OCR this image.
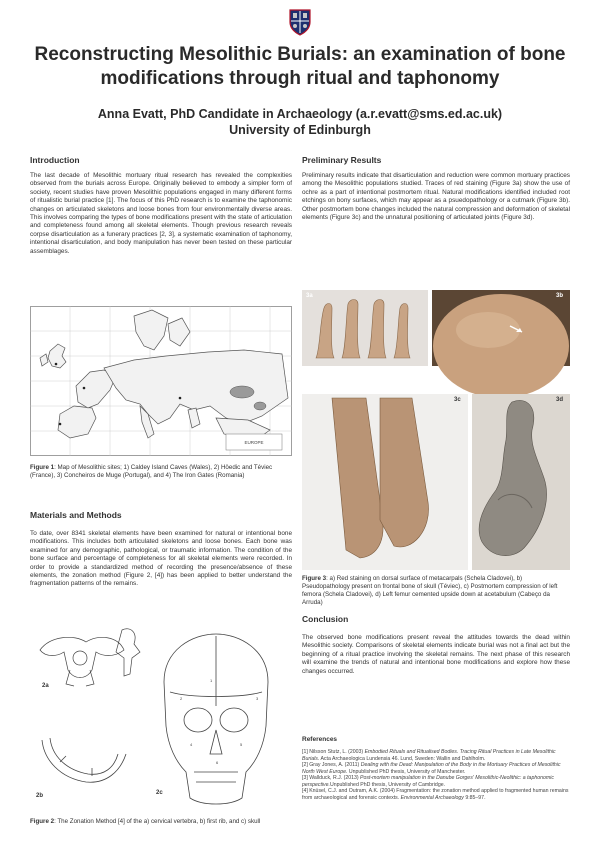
Reconstructing Mesolithic Burials: an examination of bone modifications through ritual and taphonomy
Anna Evatt, PhD Candidate in Archaeology (a.r.evatt@sms.ed.ac.uk)
University of Edinburgh
Introduction

The last decade of Mesolithic mortuary ritual research has revealed the complexities observed from the burials across Europe. Originally believed to embody a simpler form of society, recent studies have proven Mesolithic populations engaged in many different forms of ritualistic burial practice [1]. The focus of this PhD research is to examine the taphonomic changes on articulated skeletons and loose bones from four environmentally diverse areas. This involves comparing the types of bone modifications present with the state of articulation and completeness found among all skeletal elements. Though previous research reveals corpse disarticulation as a funerary practices [2, 3], a systematic examination of taphonomy, intentional disarticulation, and body manipulation has never been tested on these particular assemblages.

EUROPE

Figure 1: Map of Mesolithic sites; 1) Caldey Island Caves (Wales), 2) Höedic and Téviec (France), 3) Concheiros de Muge (Portugal), and 4) The Iron Gates (Romania)

Materials and Methods

To date, over 8341 skeletal elements have been examined for natural or intentional bone modifications. This includes both articulated skeletons and loose bones. Each bone was examined for any demographic, pathological, or traumatic information. The condition of the bone surface and percentage of completeness for all skeletal elements were recorded. In order to provide a standardized method of recording the presence/absence of these elements, the zonation method (Figure 2, [4]) has been applied to better understand the fragmentation patterns of the remains.

1
2	3
4	5
6
2a
2b	2c

Figure 2: The Zonation Method [4] of the a) cervical vertebra, b) first rib, and c) skull

Preliminary Results

Preliminary results indicate that disarticulation and reduction were common mortuary practices among the Mesolithic populations studied. Traces of red staining (Figure 3a) show the use of ochre as a part of intentional postmortem ritual. Natural modifications identified included root etchings on bony surfaces, which may appear as a psuedopathology or a cutmark (Figure 3b). Other postmortem bone changes included the natural compression and deformation of skeletal elements (Figure 3c) and the unnatural positioning of articulated joints (Figure 3d).

3a	3b
3c	3d

Figure 3: a) Red staining on dorsal surface of metacarpals (Schela Cladovei), b) Pseudopathology present on frontal bone of skull (Téviec), c) Postmortem compression of left femora (Schela Cladovei), d) Left femur cemented upside down at acetabulum (Cabeço da Arruda)

Conclusion

The observed bone modifications present reveal the attitudes towards the dead within Mesolithic society. Comparisons of skeletal elements indicate burial was not a final act but the beginning of a ritual practice involving the skeletal remains. The next phase of this research will examine the trends of natural and intentional bone modifications and explore how these changes occurred.

References
[1] Nilsson Stutz, L. (2003) Embodied Rituals and Ritualised Bodies. Tracing Ritual Practices in Late Mesolithic Burials. Acta Archaeologica Lundensia 46. Lund, Sweden: Wallin and Dahlholm.
[2] Gray Jones, A. (2011) Dealing with the Dead: Manipulation of the Body in the Mortuary Practices of Mesolithic North West Europe. Unpublished PhD thesis, University of Manchester.
[3] Wallduck, R.J. (2013) Post-mortem manipulation in the Danube Gorges' Mesolithic-Neolithic: a taphonomic perspective.Unpublished PhD thesis, University of Cambridge.
[4] Knüsel, C.J. and Outram, A.K. (2004) Fragmentation: the zonation method applied to fragmented human remains from archaeological and forensic contexts. Environmental Archaeology 9:85–97.
